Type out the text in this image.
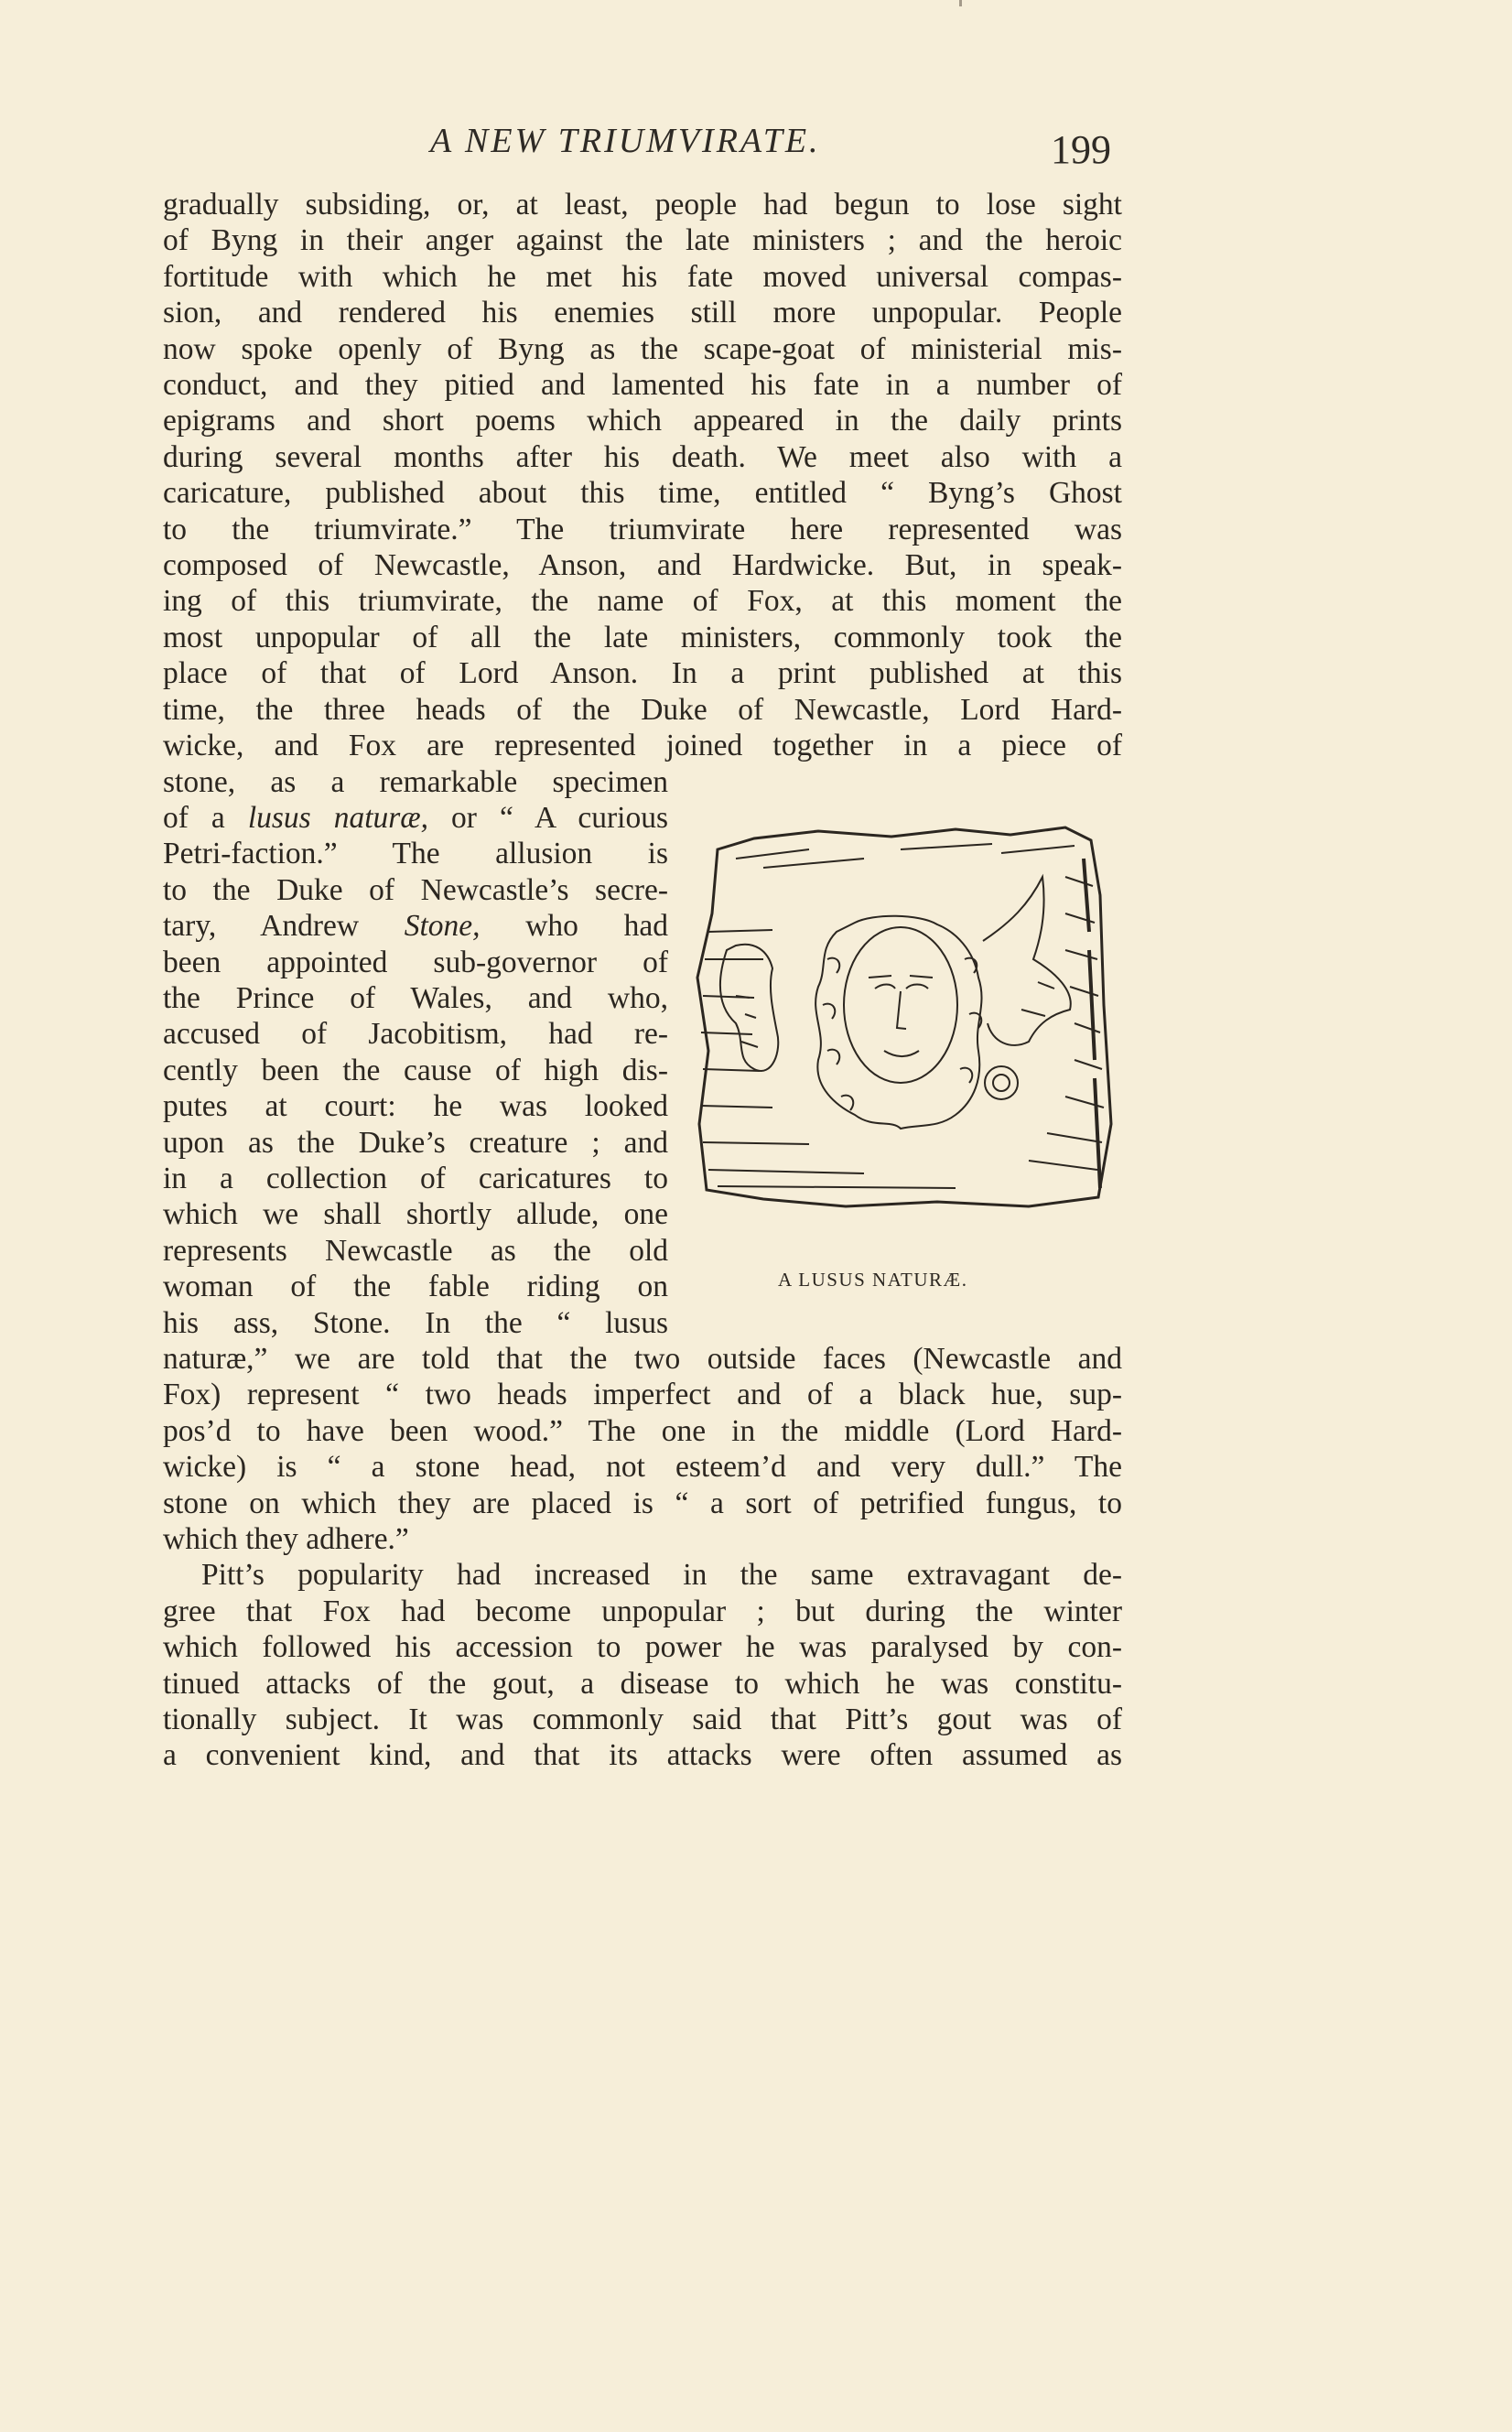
A NEW TRIUMVIRATE.	199
gradually subsiding, or, at least, people had begun to lose sight
of Byng in their anger against the late ministers ; and the heroic
fortitude with which he met his fate moved universal compas-
sion, and rendered his enemies still more unpopular. People
now spoke openly of Byng as the scape-goat of ministerial mis-
conduct, and they pitied and lamented his fate in a number of
epigrams and short poems which appeared in the daily prints
during several months after his death. We meet also with a
caricature, published about this time, entitled “ Byng’s Ghost
to the triumvirate.” The triumvirate here represented was
composed of Newcastle, Anson, and Hardwicke. But, in speak-
ing of this triumvirate, the name of Fox, at this moment the
most unpopular of all the late ministers, commonly took the
place of that of Lord Anson. In a print published at this
time, the three heads of the Duke of Newcastle, Lord Hard-
wicke, and Fox are represented joined together in a piece of
stone, as a remarkable specimen
of a lusus naturæ, or “ A curious
Petri-faction.” The allusion is
to the Duke of Newcastle’s secre-
tary, Andrew Stone, who had
been appointed sub-governor of
the Prince of Wales, and who,
accused of Jacobitism, had re-
cently been the cause of high dis-
putes at court: he was looked
upon as the Duke’s creature ; and
in a collection of caricatures to
which we shall shortly allude, one
represents Newcastle as the old
woman of the fable riding on
his ass, Stone. In the “ lusus
naturæ,” we are told that the two outside faces (Newcastle and
Fox) represent “ two heads imperfect and of a black hue, sup-
pos’d to have been wood.” The one in the middle (Lord Hard-
wicke) is “ a stone head, not esteem’d and very dull.” The
stone on which they are placed is “ a sort of petrified fungus, to
which they adhere.”
Pitt’s popularity had increased in the same extravagant de-
gree that Fox had become unpopular ; but during the winter
which followed his accession to power he was paralysed by con-
tinued attacks of the gout, a disease to which he was constitu-
tionally subject. It was commonly said that Pitt’s gout was of
a convenient kind, and that its attacks were often assumed as
A LUSUS NATURÆ.
